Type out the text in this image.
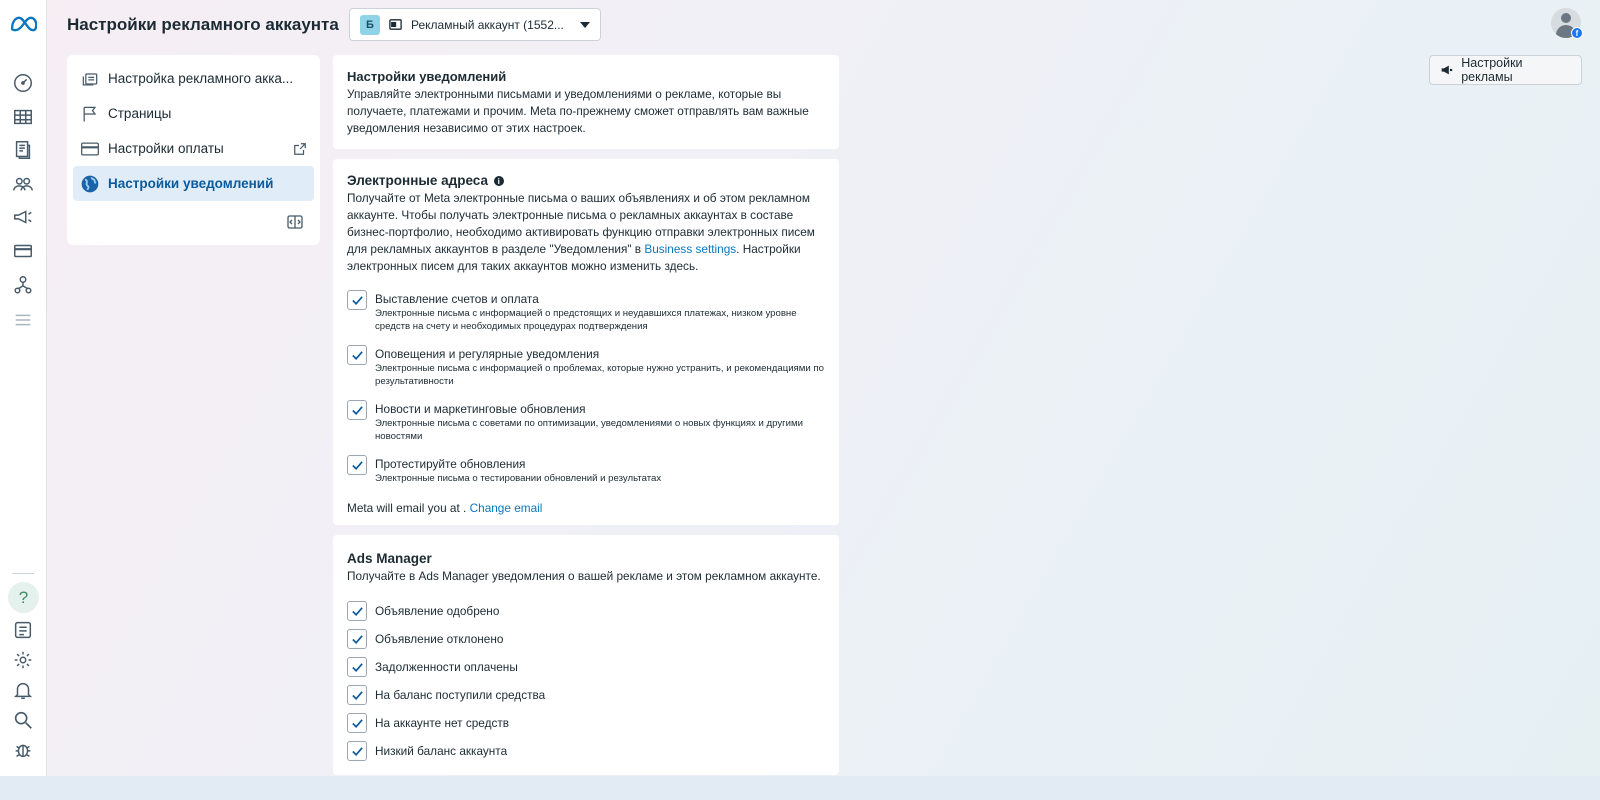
?
Настройки рекламного аккаунта	Б	Рекламный аккаунт (1552...
f
Настройки рекламы
Настройка рекламного акка...
Страницы
Настройки оплаты
Настройки уведомлений
Настройки уведомлений

Управляйте электронными письмами и уведомлениями о рекламе, которые вы получаете, платежами и прочим. Meta по-прежнему сможет отправлять вам важные уведомления независимо от этих настроек.

Электронные адреса i

Получайте от Meta электронные письма о ваших объявлениях и об этом рекламном аккаунте. Чтобы получать электронные письма о рекламных аккаунтах в составе бизнес-портфолио, необходимо активировать функцию отправки электронных писем для рекламных аккаунтов в разделе "Уведомления" в Business settings. Настройки электронных писем для таких аккаунтов можно изменить здесь.

Выставление счетов и оплата
Электронные письма с информацией о предстоящих и неудавшихся платежах, низком уровне средств на счету и необходимых процедурах подтверждения
Оповещения и регулярные уведомления
Электронные письма с информацией о проблемах, которые нужно устранить, и рекомендациями по результативности
Новости и маркетинговые обновления
Электронные письма с советами по оптимизации, уведомлениями о новых функциях и другими новостями
Протестируйте обновления
Электронные письма о тестировании обновлений и результатах
Meta will email you at . Change email
Ads Manager

Получайте в Ads Manager уведомления о вашей рекламе и этом рекламном аккаунте.

Объявление одобрено
Объявление отклонено
Задолженности оплачены
На баланс поступили средства
На аккаунте нет средств
Низкий баланс аккаунта
